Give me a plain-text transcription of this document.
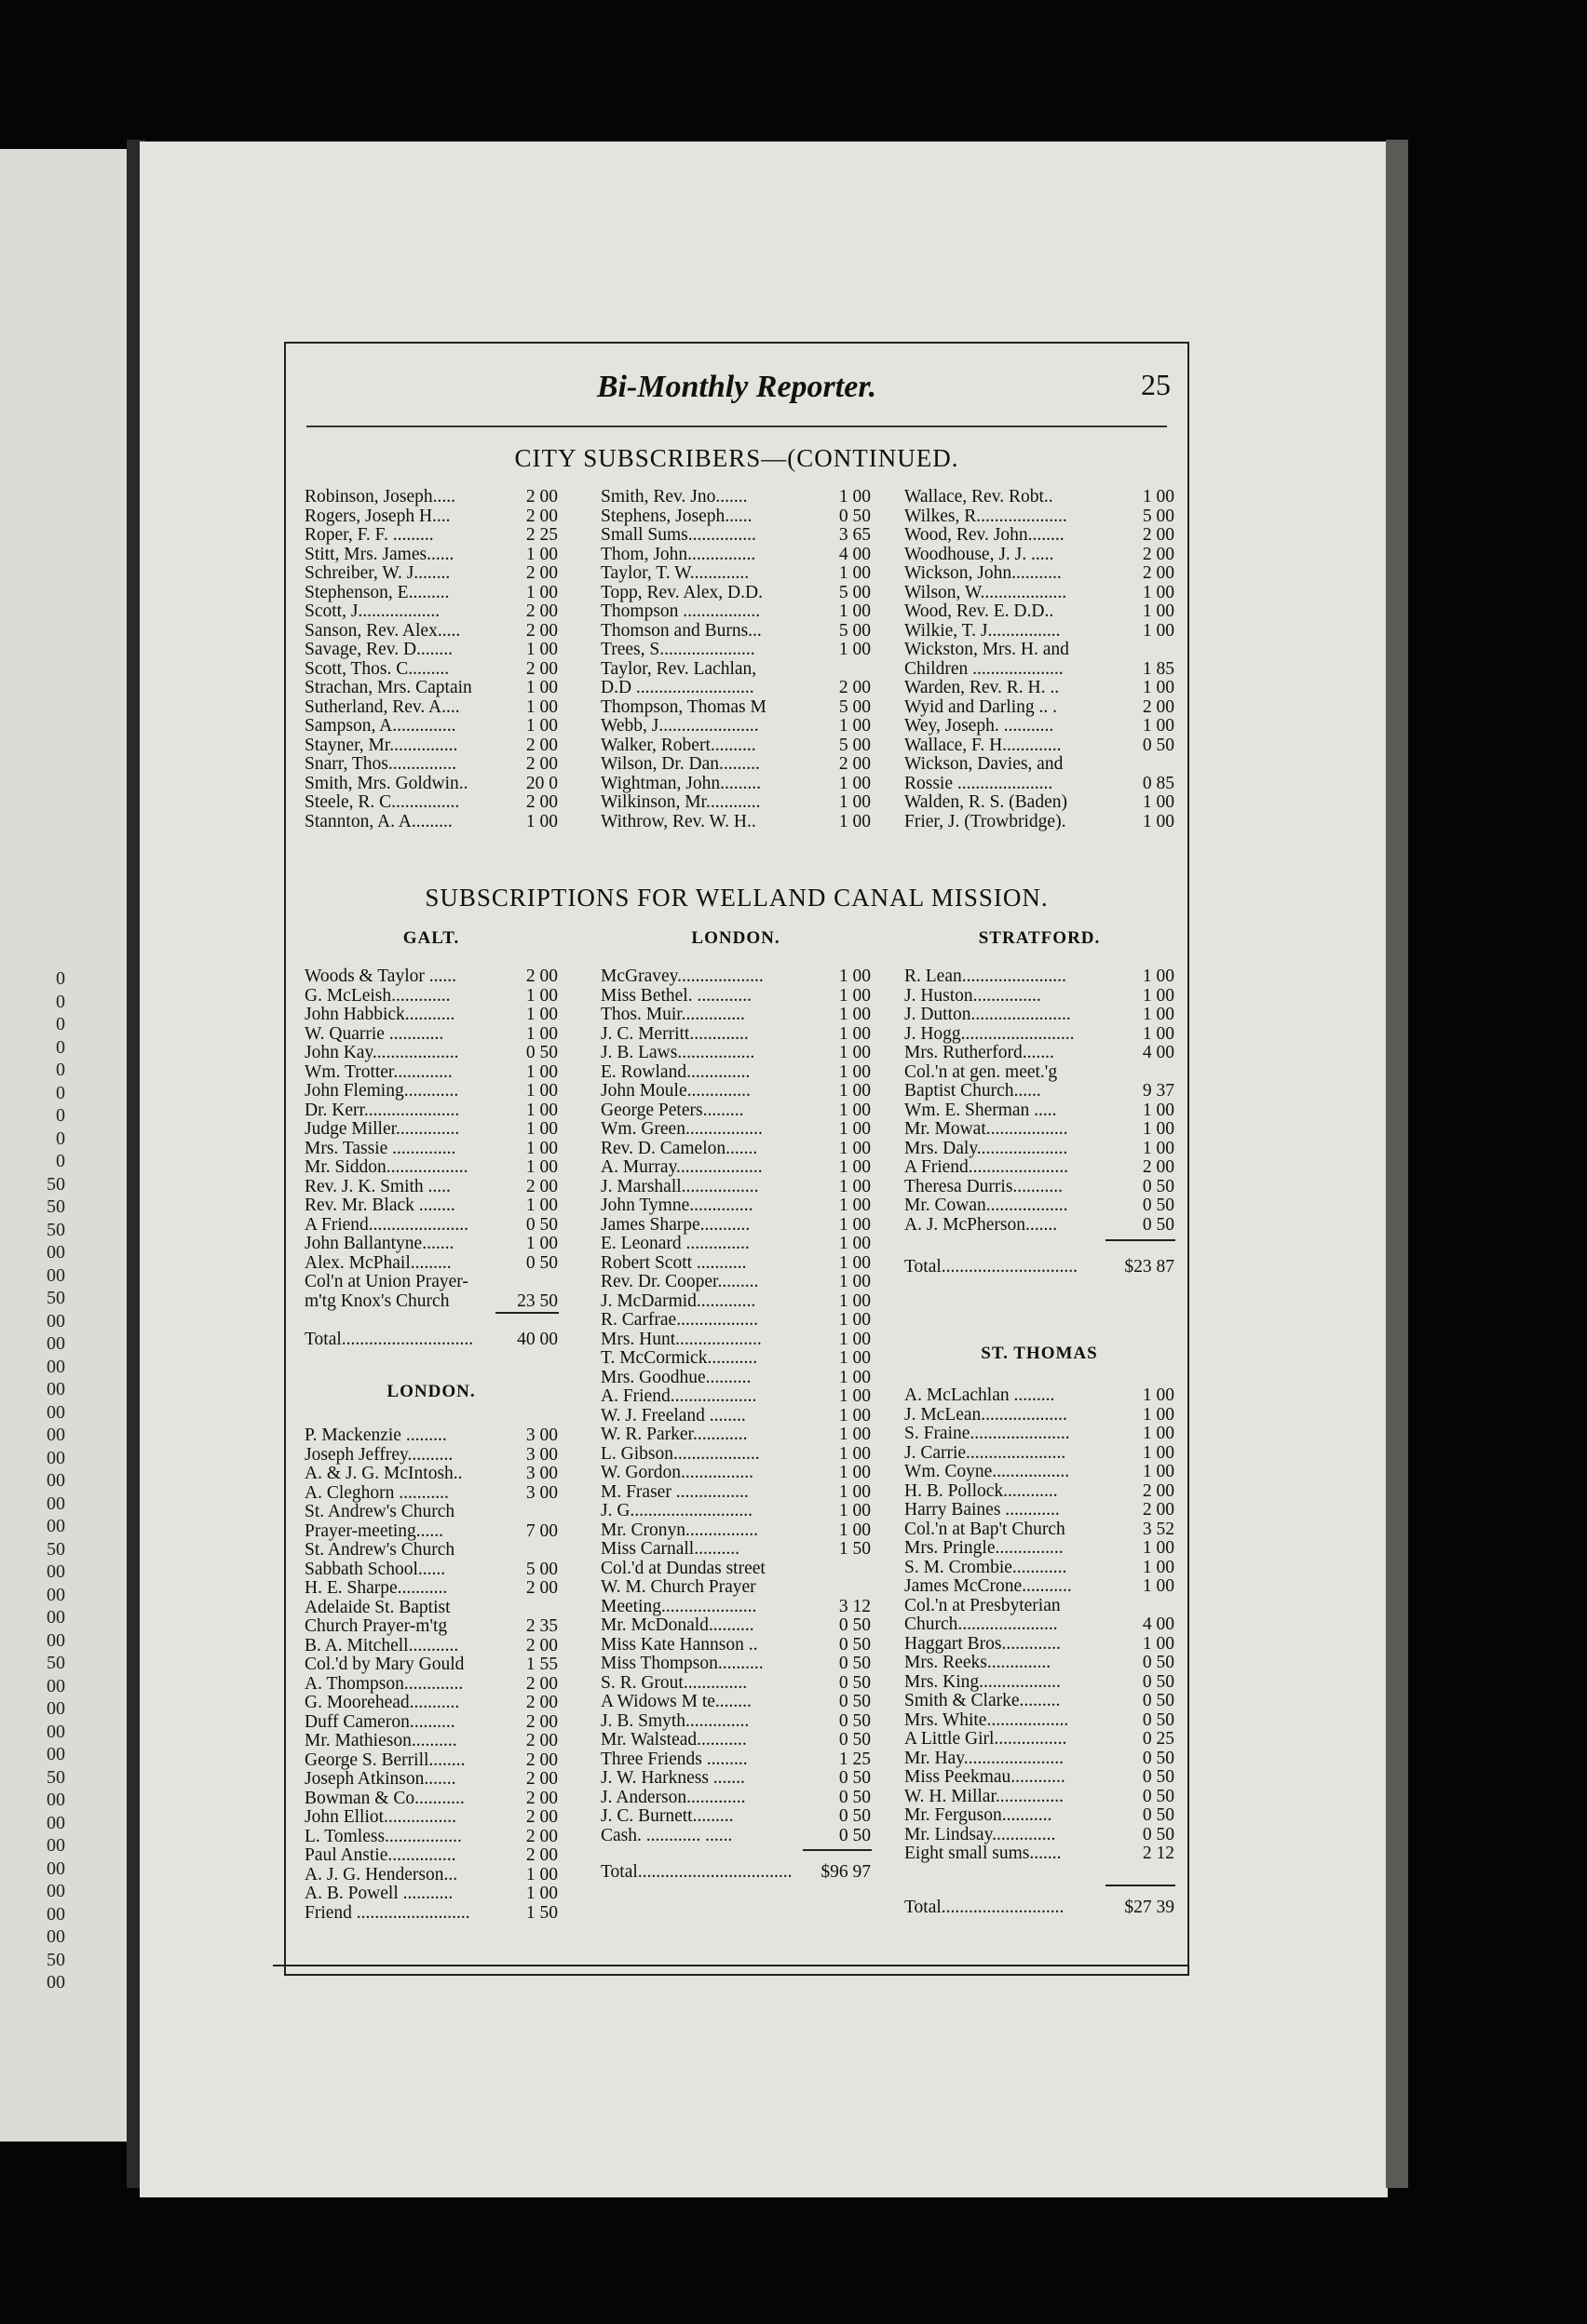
0
0
0
0
0
0
0
0
0
50
50
50
00
00
50
00
00
00
00
00
00
00
00
00
00
50
00
00
00
00
50
00
00
00
00
50
00
00
00
00
00
00
00
50
00
Bi-Monthly Reporter.	25
CITY SUBSCRIBERS—(CONTINUED.
Robinson, Joseph.....	2 00
Rogers, Joseph H....	2 00
Roper, F. F. .........	2 25
Stitt, Mrs. James......	1 00
Schreiber, W. J........	2 00
Stephenson, E.........	1 00
Scott, J..................	2 00
Sanson, Rev. Alex.....	2 00
Savage, Rev. D........	1 00
Scott, Thos. C.........	2 00
Strachan, Mrs. Captain	1 00
Sutherland, Rev. A....	1 00
Sampson, A..............	1 00
Stayner, Mr...............	2 00
Snarr, Thos...............	2 00
Smith, Mrs. Goldwin..	20 0
Steele, R. C...............	2 00
Stannton, A. A.........	1 00
Smith, Rev. Jno.......	1 00
Stephens, Joseph......	0 50
Small Sums...............	3 65
Thom, John...............	4 00
Taylor, T. W.............	1 00
Topp, Rev. Alex, D.D.	5 00
Thompson .................	1 00
Thomson and Burns...	5 00
Trees, S.....................	1 00
Taylor, Rev. Lachlan,
D.D ..........................	2 00
Thompson, Thomas M	5 00
Webb, J......................	1 00
Walker, Robert..........	5 00
Wilson, Dr. Dan.........	2 00
Wightman, John.........	1 00
Wilkinson, Mr............	1 00
Withrow, Rev. W. H..	1 00
Wallace, Rev. Robt..	1 00
Wilkes, R....................	5 00
Wood, Rev. John........	2 00
Woodhouse, J. J. .....	2 00
Wickson, John...........	2 00
Wilson, W...................	1 00
Wood, Rev. E. D.D..	1 00
Wilkie, T. J................	1 00
Wickston, Mrs. H. and
Children ....................	1 85
Warden, Rev. R. H. ..	1 00
Wyid and Darling .. .	2 00
Wey, Joseph. ...........	1 00
Wallace, F. H.............	0 50
Wickson, Davies, and
Rossie .....................	0 85
Walden, R. S. (Baden)	1 00
Frier, J. (Trowbridge).	1 00
SUBSCRIPTIONS FOR WELLAND CANAL MISSION.
GALT.	LONDON.	STRATFORD.
Woods & Taylor ......	2 00
G. McLeish.............	1 00
John Habbick...........	1 00
W. Quarrie ............	1 00
John Kay...................	0 50
Wm. Trotter.............	1 00
John Fleming............	1 00
Dr. Kerr.....................	1 00
Judge Miller..............	1 00
Mrs. Tassie ..............	1 00
Mr. Siddon..................	1 00
Rev. J. K. Smith .....	2 00
Rev. Mr. Black ........	1 00
A Friend......................	0 50
John Ballantyne.......	1 00
Alex. McPhail.........	0 50
Col'n at Union Prayer-
m'tg Knox's Church	23 50
Total............................. 40 00
LONDON.
P. Mackenzie .........	3 00
Joseph Jeffrey..........	3 00
A. & J. G. McIntosh..	3 00
A. Cleghorn ...........	3 00
St. Andrew's Church
Prayer-meeting......	7 00
St. Andrew's Church
Sabbath School......	5 00
H. E. Sharpe...........	2 00
Adelaide St. Baptist
Church Prayer-m'tg	2 35
B. A. Mitchell...........	2 00
Col.'d by Mary Gould	1 55
A. Thompson.............	2 00
G. Moorehead...........	2 00
Duff Cameron..........	2 00
Mr. Mathieson..........	2 00
George S. Berrill........	2 00
Joseph Atkinson.......	2 00
Bowman & Co...........	2 00
John Elliot................	2 00
L. Tomless.................	2 00
Paul Anstie...............	2 00
A. J. G. Henderson...	1 00
A. B. Powell ...........	1 00
Friend .........................	1 50
McGravey...................	1 00
Miss Bethel. ............	1 00
Thos. Muir..............	1 00
J. C. Merritt.............	1 00
J. B. Laws.................	1 00
E. Rowland..............	1 00
John Moule..............	1 00
George Peters.........	1 00
Wm. Green.................	1 00
Rev. D. Camelon.......	1 00
A. Murray...................	1 00
J. Marshall.................	1 00
John Tymne..............	1 00
James Sharpe...........	1 00
E. Leonard ..............	1 00
Robert Scott ...........	1 00
Rev. Dr. Cooper.........	1 00
J. McDarmid.............	1 00
R. Carfrae..................	1 00
Mrs. Hunt...................	1 00
T. McCormick...........	1 00
Mrs. Goodhue..........	1 00
A. Friend...................	1 00
W. J. Freeland ........	1 00
W. R. Parker............	1 00
L. Gibson...................	1 00
W. Gordon................	1 00
M. Fraser ................	1 00
J. G...........................	1 00
Mr. Cronyn................	1 00
Miss Carnall..........	1 50
Col.'d at Dundas street
W. M. Church Prayer
Meeting.....................	3 12
Mr. McDonald..........	0 50
Miss Kate Hannson ..	0 50
Miss Thompson..........	0 50
S. R. Grout..............	0 50
A Widows M te........	0 50
J. B. Smyth..............	0 50
Mr. Walstead...........	0 50
Three Friends .........	1 25
J. W. Harkness .......	0 50
J. Anderson.............	0 50
J. C. Burnett.........	0 50
Cash. ............ ......	0 50
Total.................................. $96 97
R. Lean.......................	1 00
J. Huston...............	1 00
J. Dutton......................	1 00
J. Hogg.........................	1 00
Mrs. Rutherford.......	4 00
Col.'n at gen. meet.'g
Baptist Church......	9 37
Wm. E. Sherman .....	1 00
Mr. Mowat..................	1 00
Mrs. Daly....................	1 00
A Friend......................	2 00
Theresa Durris...........	0 50
Mr. Cowan..................	0 50
A. J. McPherson.......	0 50
Total..............................	$23 87
ST. THOMAS
A. McLachlan .........	1 00
J. McLean...................	1 00
S. Fraine......................	1 00
J. Carrie......................	1 00
Wm. Coyne.................	1 00
H. B. Pollock............	2 00
Harry Baines ............	2 00
Col.'n at Bap't Church	3 52
Mrs. Pringle...............	1 00
S. M. Crombie............	1 00
James McCrone...........	1 00
Col.'n at Presbyterian
Church......................	4 00
Haggart Bros.............	1 00
Mrs. Reeks..............	0 50
Mrs. King..................	0 50
Smith & Clarke.........	0 50
Mrs. White..................	0 50
A Little Girl................	0 25
Mr. Hay......................	0 50
Miss Peekmau............	0 50
W. H. Millar...............	0 50
Mr. Ferguson...........	0 50
Mr. Lindsay..............	0 50
Eight small sums.......	2 12
Total...........................	$27 39
